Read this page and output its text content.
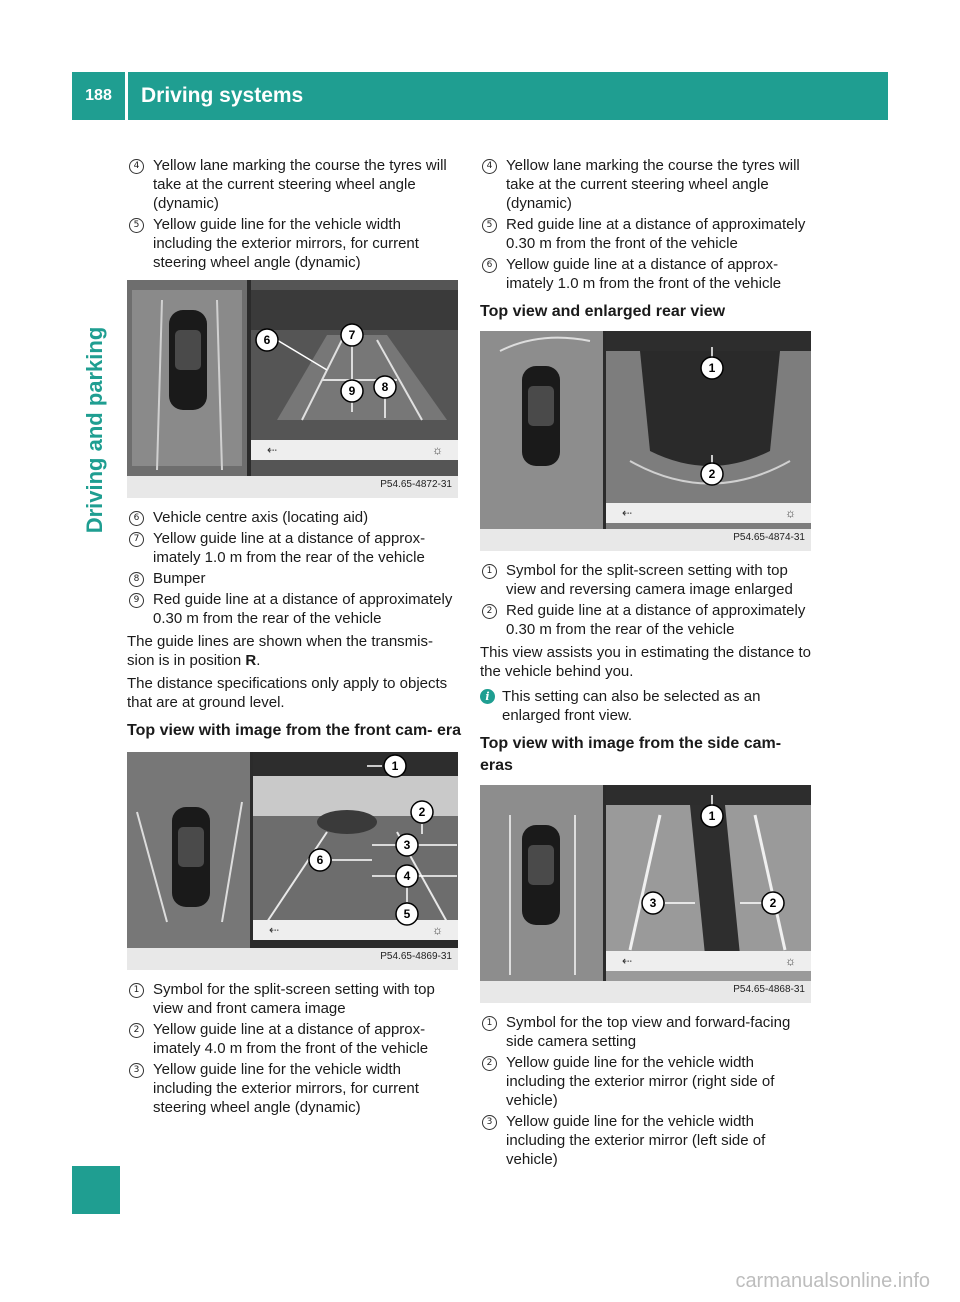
188	Driving systems
Driving and parking
4 Yellow lane marking the course the tyres will take at the current steering wheel angle (dynamic)
5 Yellow guide line for the vehicle width including the exterior mirrors, for current steering wheel angle (dynamic)
⇠	☼
6	7
9 8
P54.65-4872-31
6 Vehicle centre axis (locating aid)
7 Yellow guide line at a distance of approx- imately 1.0 m from the rear of the vehicle
8 Bumper
9 Red guide line at a distance of approximately 0.30 m from the rear of the vehicle
The guide lines are shown when the transmis- sion is in position R.
The distance specifications only apply to objects that are at ground level.
Top view with image from the front cam- era
⇠	☼
1
2
3
6
4
5
P54.65-4869-31
1 Symbol for the split-screen setting with top view and front camera image
2 Yellow guide line at a distance of approx- imately 4.0 m from the front of the vehicle
3 Yellow guide line for the vehicle width including the exterior mirrors, for current steering wheel angle (dynamic)
4 Yellow lane marking the course the tyres will take at the current steering wheel angle (dynamic)
5 Red guide line at a distance of approximately 0.30 m from the front of the vehicle
6 Yellow guide line at a distance of approx- imately 1.0 m from the front of the vehicle
Top view and enlarged rear view
⇠	☼
1
2
P54.65-4874-31
1 Symbol for the split-screen setting with top view and reversing camera image enlarged
2 Red guide line at a distance of approximately 0.30 m from the rear of the vehicle
This view assists you in estimating the distance to the vehicle behind you.
i This setting can also be selected as an enlarged front view.
Top view with image from the side cam- eras
⇠	☼
1
3	2
P54.65-4868-31
1 Symbol for the top view and forward-facing side camera setting
2 Yellow guide line for the vehicle width including the exterior mirror (right side of vehicle)
3 Yellow guide line for the vehicle width including the exterior mirror (left side of vehicle)
carmanualsonline.info
